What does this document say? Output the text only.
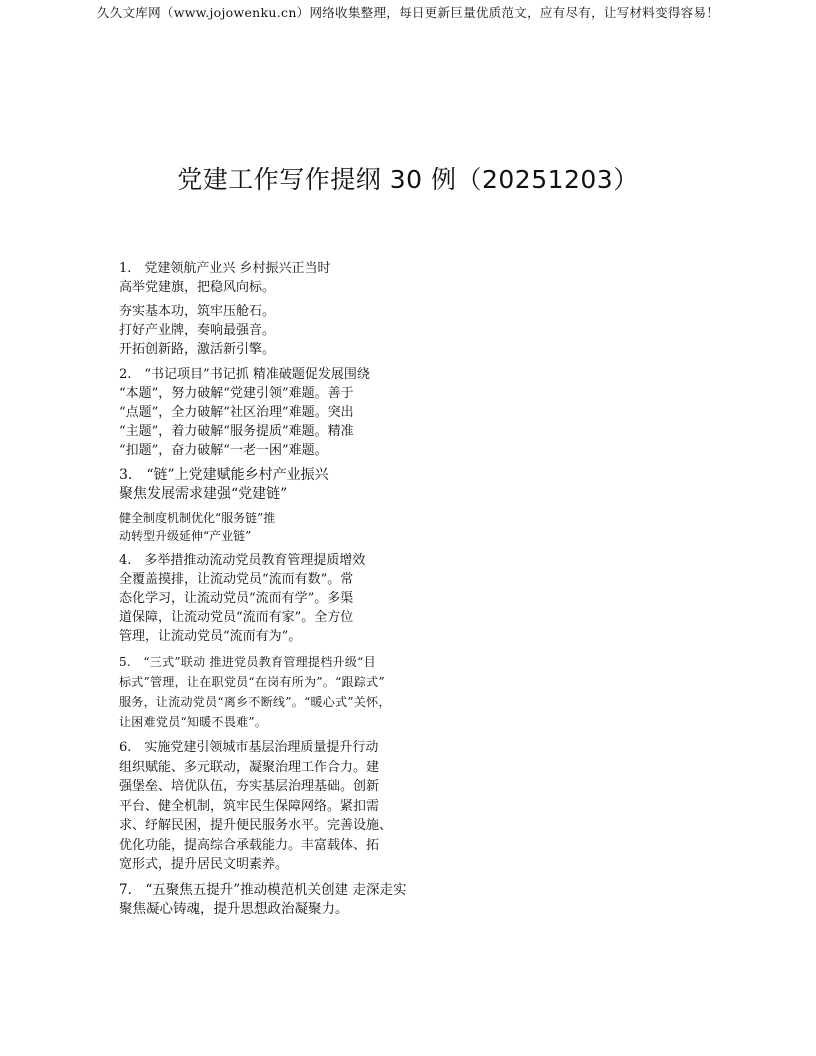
久久文库网（www.jojowenku.cn）网络收集整理，每日更新巨量优质范文，应有尽有，让写材料变得容易！
党建工作写作提纲 30 例（20251203）
1.　党建领航产业兴 乡村振兴正当时
高举党建旗，把稳风向标。
夯实基本功，筑牢压舱石。
打好产业牌，奏响最强音。
开拓创新路，激活新引擎。
2.　“书记项目”书记抓 精准破题促发展围绕
“本题”，努力破解“党建引领”难题。善于
“点题”，全力破解“社区治理”难题。突出
“主题”，着力破解“服务提质”难题。精准
“扣题”，奋力破解“一老一困”难题。
3.　“链”上党建赋能乡村产业振兴
聚焦发展需求建强“党建链”
健全制度机制优化“服务链”推
动转型升级延伸“产业链”
4.　多举措推动流动党员教育管理提质增效
全覆盖摸排，让流动党员“流而有数”。常
态化学习，让流动党员“流而有学”。多渠
道保障，让流动党员“流而有家”。全方位
管理，让流动党员“流而有为”。
5.　“三式”联动 推进党员教育管理提档升级“目
标式”管理，让在职党员“在岗有所为”。“跟踪式”
服务，让流动党员“离乡不断线”。“暖心式”关怀，
让困难党员“知暖不畏难”。
6.　实施党建引领城市基层治理质量提升行动
组织赋能、多元联动，凝聚治理工作合力。建
强堡垒、培优队伍，夯实基层治理基础。创新
平台、健全机制，筑牢民生保障网络。紧扣需
求、纾解民困，提升便民服务水平。完善设施、
优化功能，提高综合承载能力。丰富载体、拓
宽形式，提升居民文明素养。
7.　“五聚焦五提升”推动模范机关创建 走深走实
聚焦凝心铸魂，提升思想政治凝聚力。
